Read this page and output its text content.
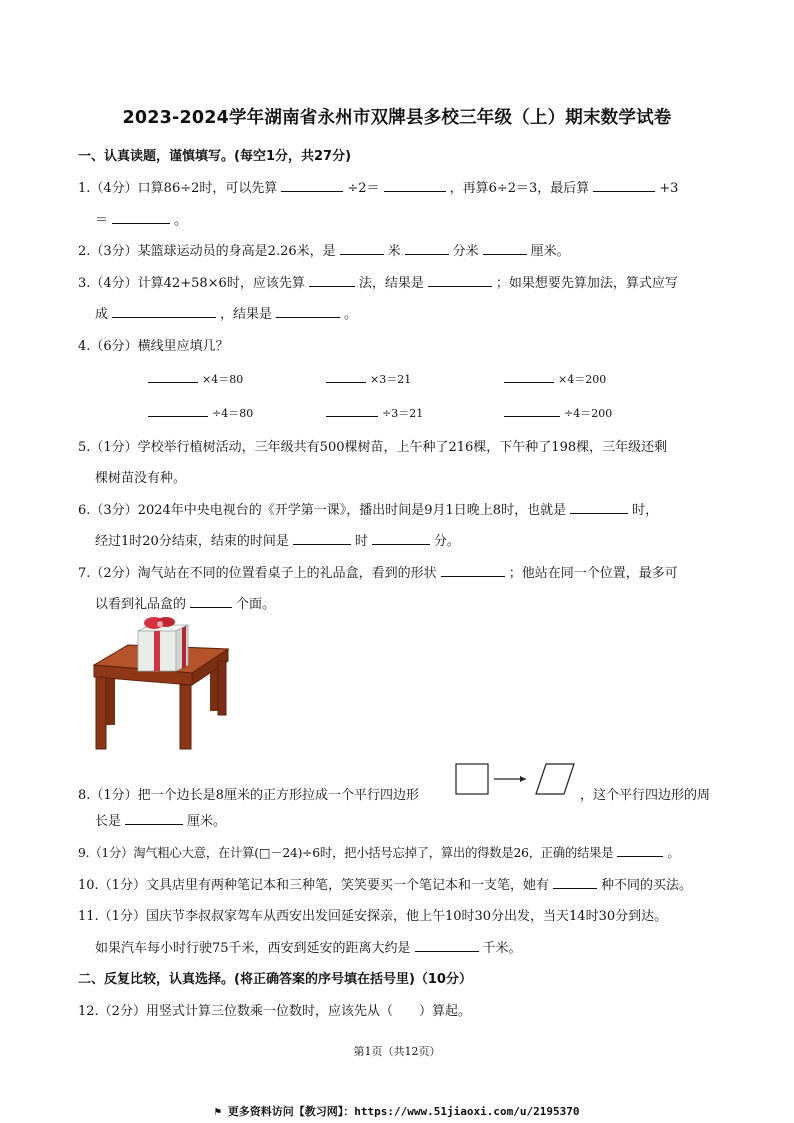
2023-2024学年湖南省永州市双牌县多校三年级（上）期末数学试卷
一、认真读题，谨慎填写。(每空1分，共27分)
1.（4分）口算86÷2时，可以先算	÷2＝	，再算6÷2＝3，最后算	+3
＝	。
2.（3分）某篮球运动员的身高是2.26米，是	米	分米	厘米。
3.（4分）计算42+58×6时，应该先算	法，结果是	；如果想要先算加法，算式应写
成	，结果是	。
4.（6分）横线里应填几？
×4＝80	×3＝21	×4＝200
÷4＝80	÷3＝21	÷4＝200
5.（1分）学校举行植树活动，三年级共有500棵树苗，上午种了216棵，下午种了198棵，三年级还剩
棵树苗没有种。
6.（3分）2024年中央电视台的《开学第一课》，播出时间是9月1日晚上8时，也就是	时，
经过1时20分结束，结束的时间是	时	分。
7.（2分）淘气站在不同的位置看桌子上的礼品盒，看到的形状	；他站在同一个位置，最多可
以看到礼品盒的	个面。
8.（1分）把一个边长是8厘米的正方形拉成一个平行四边形	，这个平行四边形的周
长是	厘米。
9.（1分）淘气粗心大意，在计算(□－24)÷6时，把小括号忘掉了，算出的得数是26，正确的结果是	。
10.（1分）文具店里有两种笔记本和三种笔，笑笑要买一个笔记本和一支笔，她有	种不同的买法。
11.（1分）国庆节李叔叔家驾车从西安出发回延安探亲，他上午10时30分出发，当天14时30分到达。
如果汽车每小时行驶75千米，西安到延安的距离大约是	千米。
二、反复比较，认真选择。(将正确答案的序号填在括号里)（10分）
12.（2分）用竖式计算三位数乘一位数时，应该先从（　　）算起。
第1页（共12页）
⚑ 更多资料访问【教习网】：https://www.51jiaoxi.com/u/2195370
